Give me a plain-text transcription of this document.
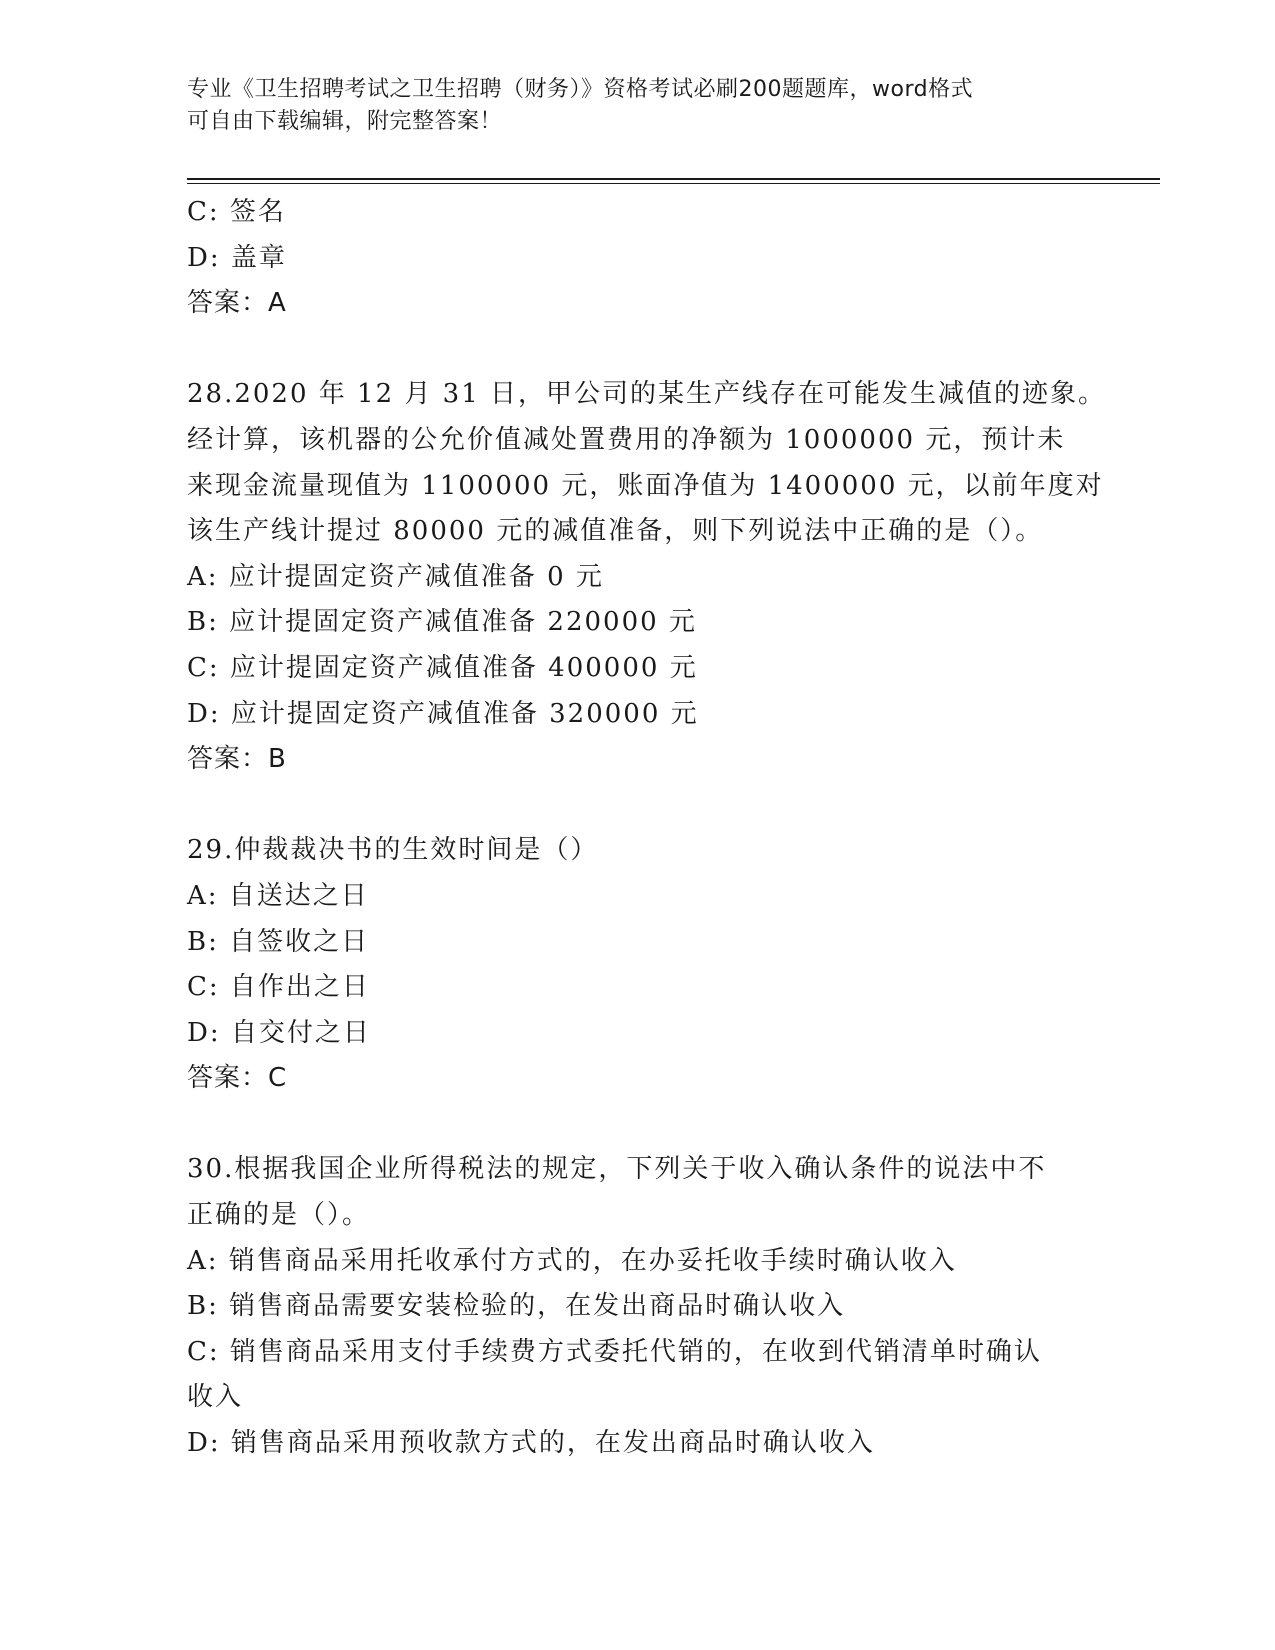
专业《卫生招聘考试之卫生招聘（财务）》资格考试必刷200题题库，word格式
可自由下载编辑，附完整答案！
C: 签名
D: 盖章
答案：A
28.2020 年 12 月 31 日，甲公司的某生产线存在可能发生减值的迹象。
经计算，该机器的公允价值减处置费用的净额为 1000000 元，预计未
来现金流量现值为 1100000 元，账面净值为 1400000 元，以前年度对
该生产线计提过 80000 元的减值准备，则下列说法中正确的是（）。
A: 应计提固定资产减值准备 0 元
B: 应计提固定资产减值准备 220000 元
C: 应计提固定资产减值准备 400000 元
D: 应计提固定资产减值准备 320000 元
答案：B
29.仲裁裁决书的生效时间是（）
A: 自送达之日
B: 自签收之日
C: 自作出之日
D: 自交付之日
答案：C
30.根据我国企业所得税法的规定，下列关于收入确认条件的说法中不
正确的是（）。
A: 销售商品采用托收承付方式的，在办妥托收手续时确认收入
B: 销售商品需要安装检验的，在发出商品时确认收入
C: 销售商品采用支付手续费方式委托代销的，在收到代销清单时确认
收入
D: 销售商品采用预收款方式的，在发出商品时确认收入
